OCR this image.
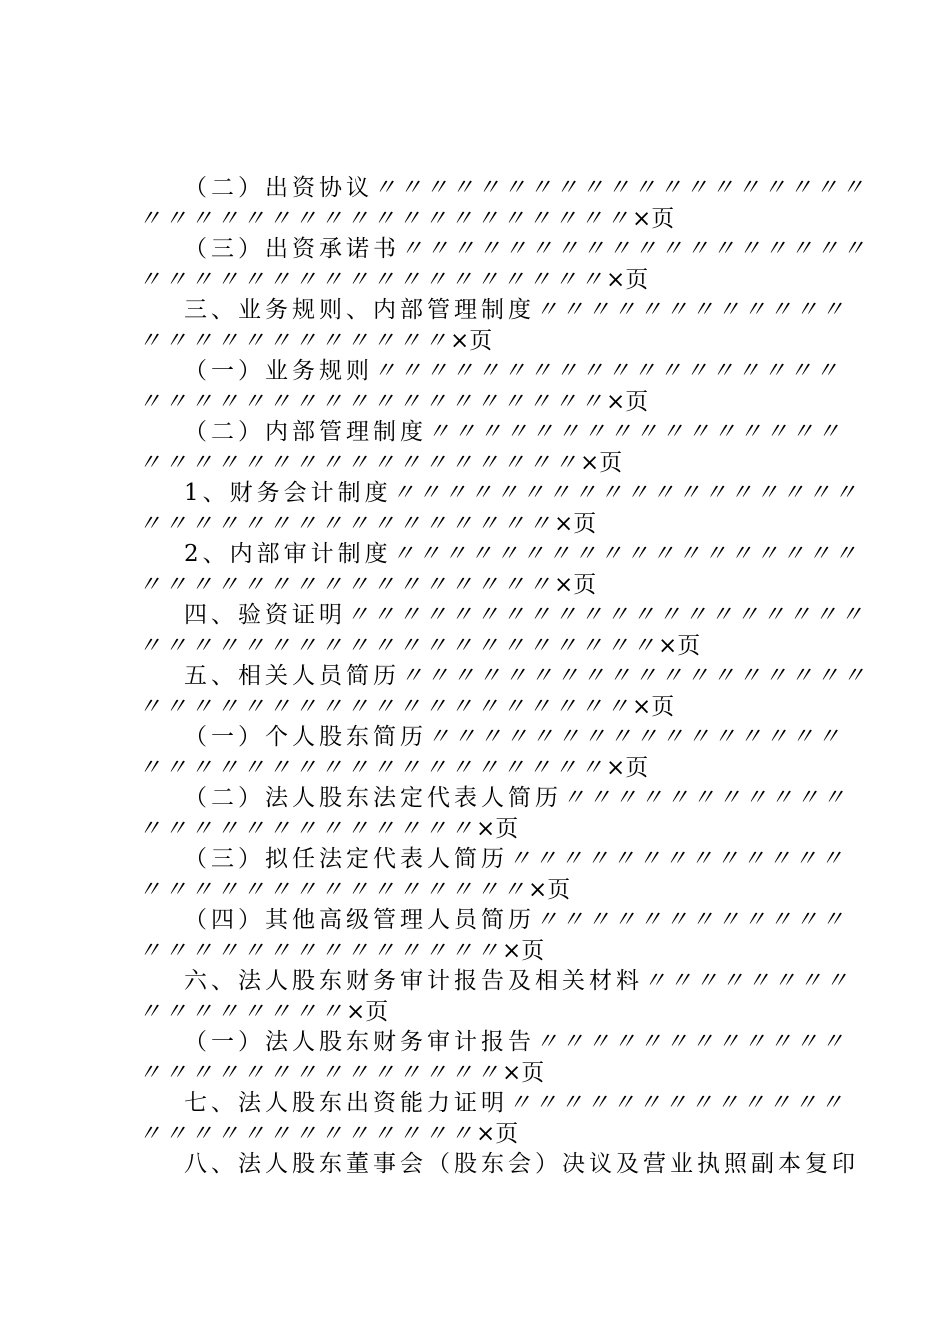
（二）出资协议〃〃〃〃〃〃〃〃〃〃〃〃〃〃〃〃〃〃〃
〃〃〃〃〃〃〃〃〃〃〃〃〃〃〃〃〃〃〃×页
（三）出资承诺书〃〃〃〃〃〃〃〃〃〃〃〃〃〃〃〃〃〃
〃〃〃〃〃〃〃〃〃〃〃〃〃〃〃〃〃〃×页
三、业务规则、内部管理制度〃〃〃〃〃〃〃〃〃〃〃〃
〃〃〃〃〃〃〃〃〃〃〃〃×页
（一）业务规则〃〃〃〃〃〃〃〃〃〃〃〃〃〃〃〃〃〃
〃〃〃〃〃〃〃〃〃〃〃〃〃〃〃〃〃〃×页
（二）内部管理制度〃〃〃〃〃〃〃〃〃〃〃〃〃〃〃〃
〃〃〃〃〃〃〃〃〃〃〃〃〃〃〃〃〃×页
1、财务会计制度〃〃〃〃〃〃〃〃〃〃〃〃〃〃〃〃〃〃
〃〃〃〃〃〃〃〃〃〃〃〃〃〃〃〃×页
2、内部审计制度〃〃〃〃〃〃〃〃〃〃〃〃〃〃〃〃〃〃
〃〃〃〃〃〃〃〃〃〃〃〃〃〃〃〃×页
四、验资证明〃〃〃〃〃〃〃〃〃〃〃〃〃〃〃〃〃〃〃〃
〃〃〃〃〃〃〃〃〃〃〃〃〃〃〃〃〃〃〃〃×页
五、相关人员简历〃〃〃〃〃〃〃〃〃〃〃〃〃〃〃〃〃〃
〃〃〃〃〃〃〃〃〃〃〃〃〃〃〃〃〃〃〃×页
（一）个人股东简历〃〃〃〃〃〃〃〃〃〃〃〃〃〃〃〃
〃〃〃〃〃〃〃〃〃〃〃〃〃〃〃〃〃〃×页
（二）法人股东法定代表人简历〃〃〃〃〃〃〃〃〃〃〃
〃〃〃〃〃〃〃〃〃〃〃〃〃×页
（三）拟任法定代表人简历〃〃〃〃〃〃〃〃〃〃〃〃〃
〃〃〃〃〃〃〃〃〃〃〃〃〃〃〃×页
（四）其他高级管理人员简历〃〃〃〃〃〃〃〃〃〃〃〃
〃〃〃〃〃〃〃〃〃〃〃〃〃〃×页
六、法人股东财务审计报告及相关材料〃〃〃〃〃〃〃〃
〃〃〃〃〃〃〃〃×页
（一）法人股东财务审计报告〃〃〃〃〃〃〃〃〃〃〃〃
〃〃〃〃〃〃〃〃〃〃〃〃〃〃×页
七、法人股东出资能力证明〃〃〃〃〃〃〃〃〃〃〃〃〃
〃〃〃〃〃〃〃〃〃〃〃〃〃×页
八、法人股东董事会（股东会）决议及营业执照副本复印
